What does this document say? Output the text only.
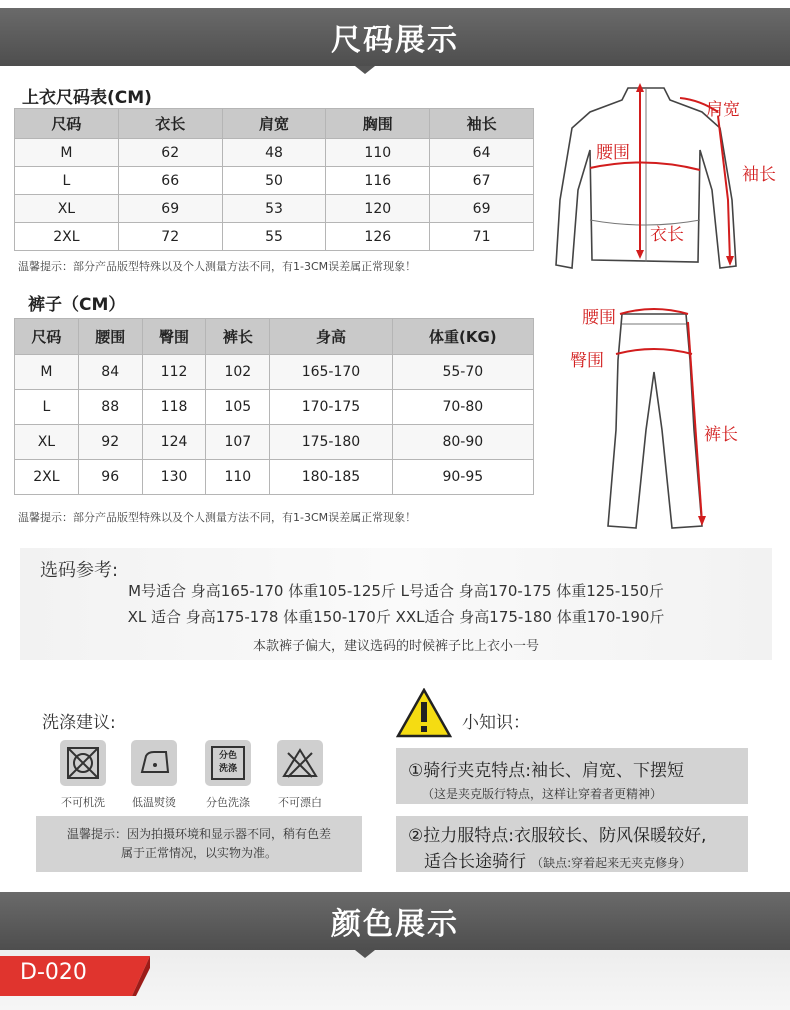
尺码展示
上衣尺码表(CM)
尺码	衣长	肩宽	胸围	袖长
M	62	48	110	64
L	66	50	116	67
XL	69	53	120	69
2XL	72	55	126	71
温馨提示：部分产品版型特殊以及个人测量方法不同，有1-3CM误差属正常现象！
肩宽
腰围
袖长
衣长
裤子（CM）
尺码	腰围	臀围	裤长	身高	体重(KG)
M	84	112	102	165-170	55-70
L	88	118	105	170-175	70-80
XL	92	124	107	175-180	80-90
2XL	96	130	110	180-185	90-95
温馨提示：部分产品版型特殊以及个人测量方法不同，有1-3CM误差属正常现象！
腰围
臀围
裤长
选码参考:
M号适合 身高165-170 体重105-125斤 L号适合 身高170-175 体重125-150斤
XL 适合 身高175-178 体重150-170斤 XXL适合 身高175-180 体重170-190斤
本款裤子偏大，建议选码的时候裤子比上衣小一号
洗涤建议:
不可机洗	低温熨烫
分色
洗涤
分色洗涤	不可漂白
温馨提示：因为拍摄环境和显示器不同，稍有色差
属于正常情况，以实物为准。
小知识：
①骑行夹克特点:袖长、肩宽、下摆短
（这是夹克版行特点，这样让穿着者更精神）
②拉力服特点:衣服较长、防风保暖较好,
适合长途骑行 （缺点:穿着起来无夹克修身）
颜色展示
D-020
